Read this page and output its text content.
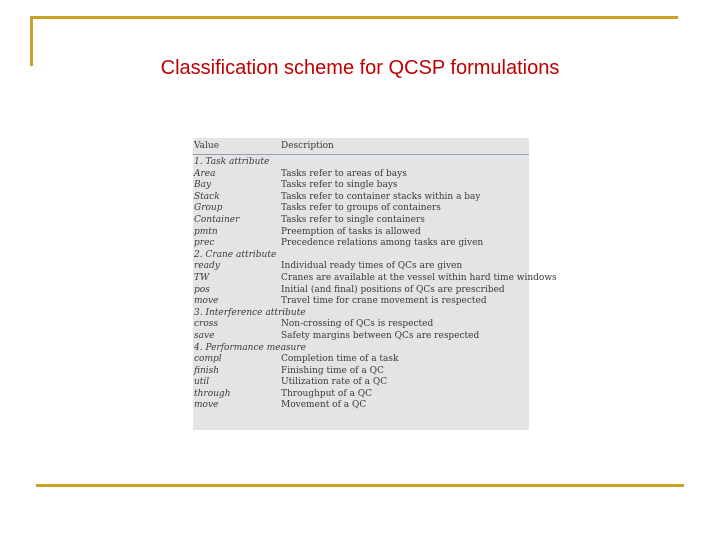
Classification scheme for QCSP formulations
Value	Description
1. Task attribute
Area	Tasks refer to areas of bays
Bay	Tasks refer to single bays
Stack	Tasks refer to container stacks within a bay
Group	Tasks refer to groups of containers
Container	Tasks refer to single containers
pmtn	Preemption of tasks is allowed
prec	Precedence relations among tasks are given
2. Crane attribute
ready	Individual ready times of QCs are given
TW	Cranes are available at the vessel within hard time windows
pos	Initial (and final) positions of QCs are prescribed
move	Travel time for crane movement is respected
3. Interference attribute
cross	Non-crossing of QCs is respected
save	Safety margins between QCs are respected
4. Performance measure
compl	Completion time of a task
finish	Finishing time of a QC
util	Utilization rate of a QC
through	Throughput of a QC
move	Movement of a QC
